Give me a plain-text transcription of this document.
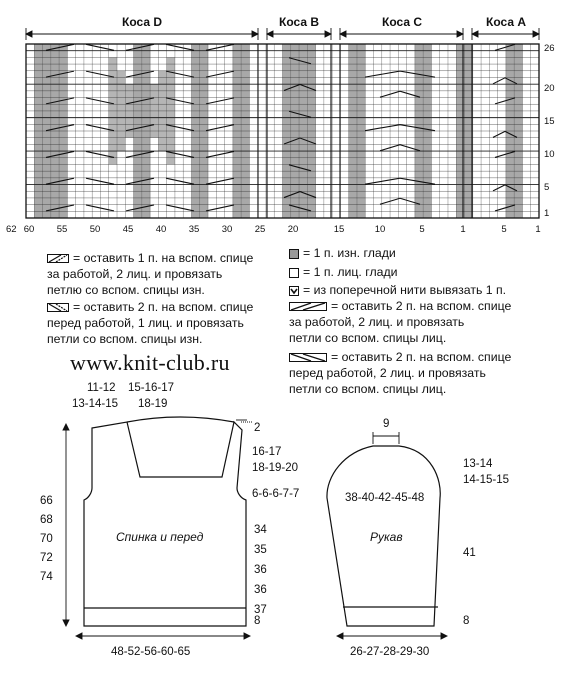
Коса D	Коса B	Коса C	Коса A
26
20
15
10
5
1
62 60 55 50 45 40 35 30 25 20	15	10	5	1	5	1
= оставить 1 п. на вспом. спице
за работой, 2 лиц. и провязать
петлю со вспом. спицы изн.
= оставить 2 п. на вспом. спице
перед работой, 1 лиц. и провязать
петли со вспом. спицы изн.
= 1 п. изн. глади
= 1 п. лиц. глади
= из поперечной нити вывязать 1 п.
= оставить 2 п. на вспом. спице
за работой, 2 лиц. и провязать
петли со вспом. спицы лиц.
= оставить 2 п. на вспом. спице
перед работой, 2 лиц. и провязать
петли со вспом. спицы лиц.
www.knit-club.ru
11-12
13-14-15
15-16-17
18-19
2
16-17
18-19-20
6-6-6-7-7
34
35
36
36
37
8
66
68
70
72
74
Спинка и перед
48-52-56-60-65
9
13-14
14-15-15
38-40-42-45-48
Рукав
41
8
26-27-28-29-30
